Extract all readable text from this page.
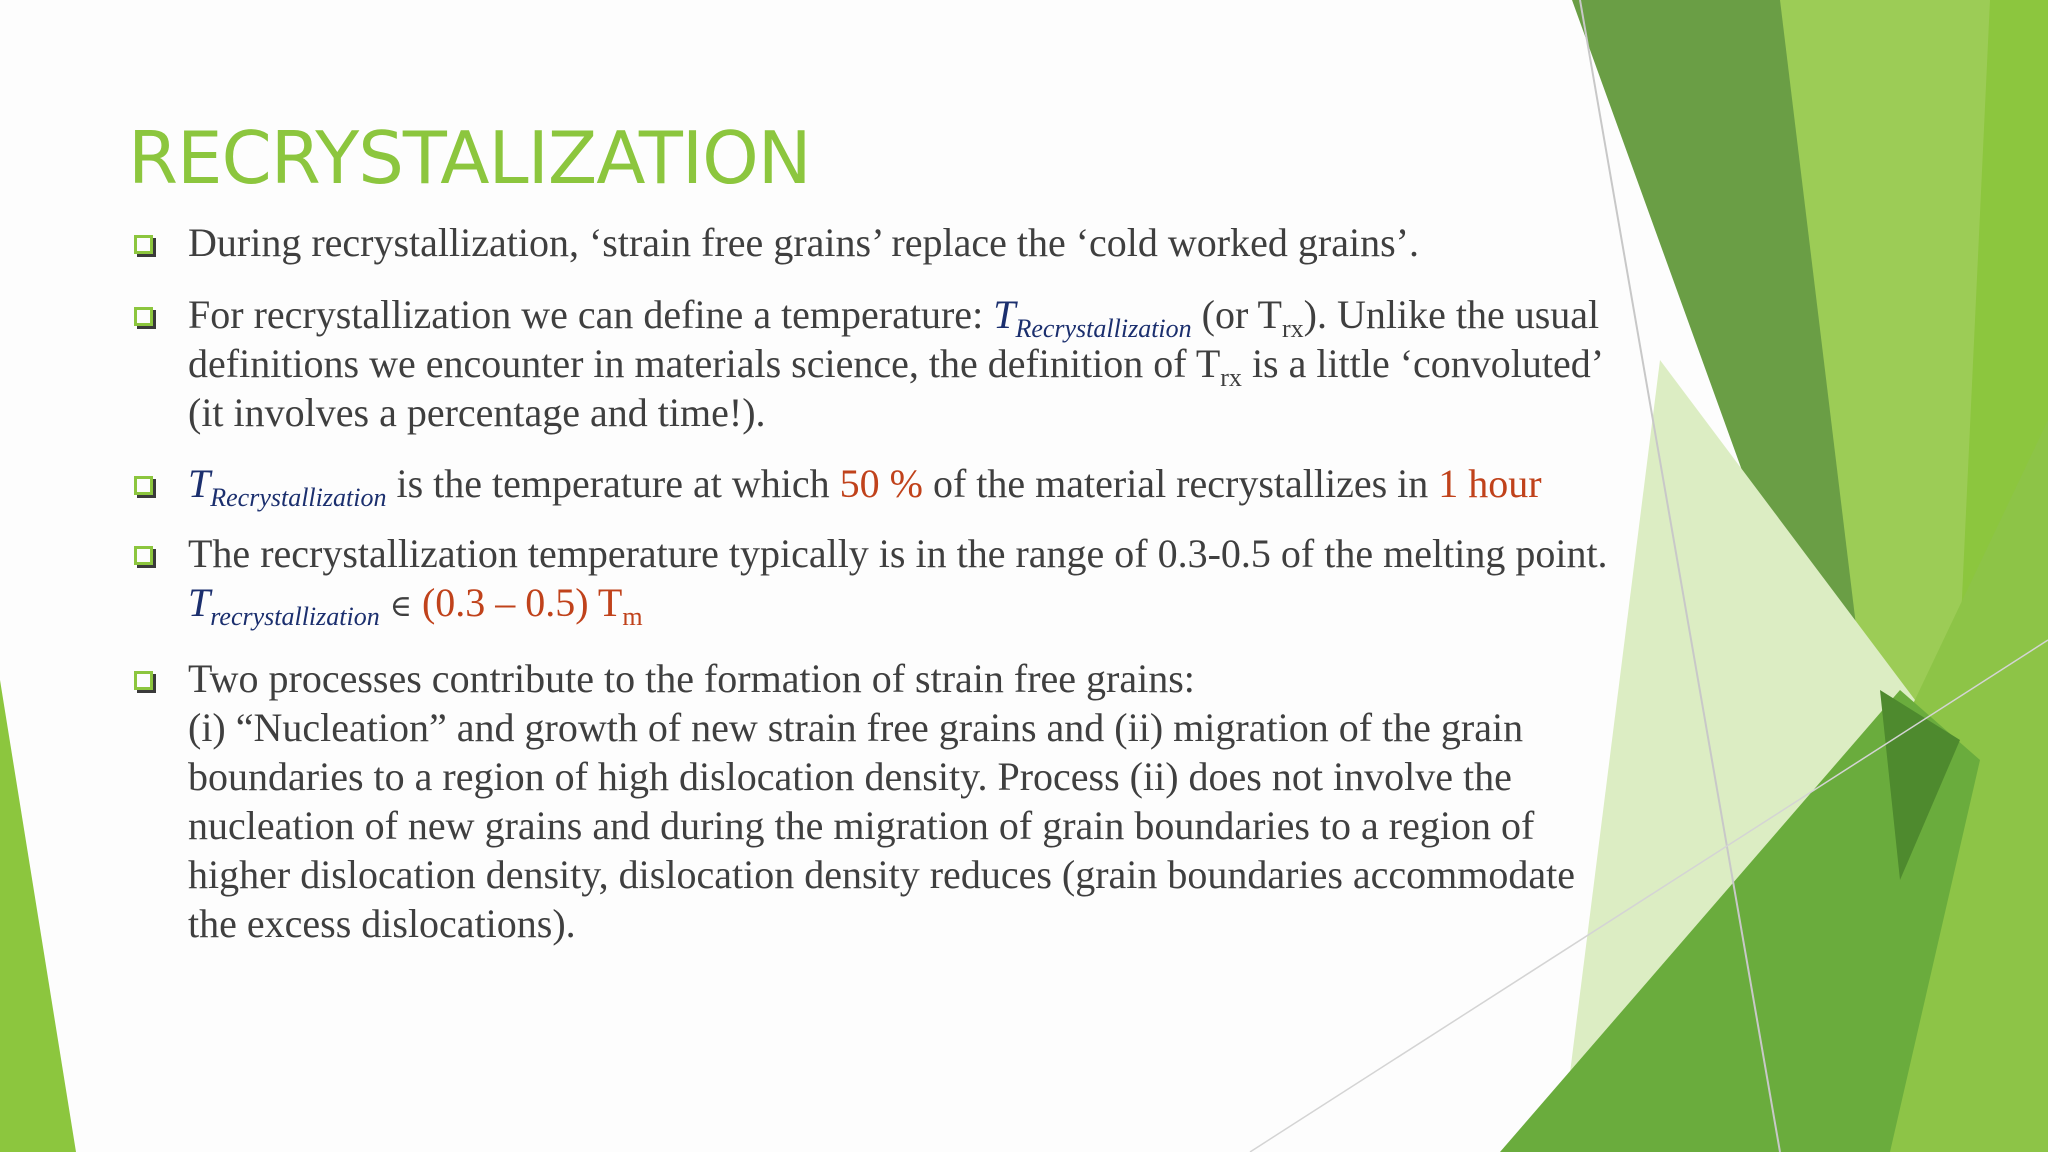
RECRYSTALIZATION
During recrystallization, ‘strain free grains’ replace the ‘cold worked grains’.
For recrystallization we can define a temperature: $T_{Recrystallization}$ (or $T_{rx}$). Unlike the usual definitions we encounter in materials science, the definition of $T_{rx}$ is a little ‘convoluted’ (it involves a percentage and time!).
$T_{Recrystallization}$ is the temperature at which 50 % of the material recrystallizes in 1 hour
The recrystallization temperature typically is in the range of 0.3-0.5 of the melting point. $T_{recrystallization}$ ∈ (0.3 – 0.5) $T_m$
Two processes contribute to the formation of strain free grains:
(i) “Nucleation” and growth of new strain free grains and (ii) migration of the grain boundaries to a region of high dislocation density. Process (ii) does not involve the nucleation of new grains and during the migration of grain boundaries to a region of higher dislocation density, dislocation density reduces (grain boundaries accommodate the excess dislocations).
